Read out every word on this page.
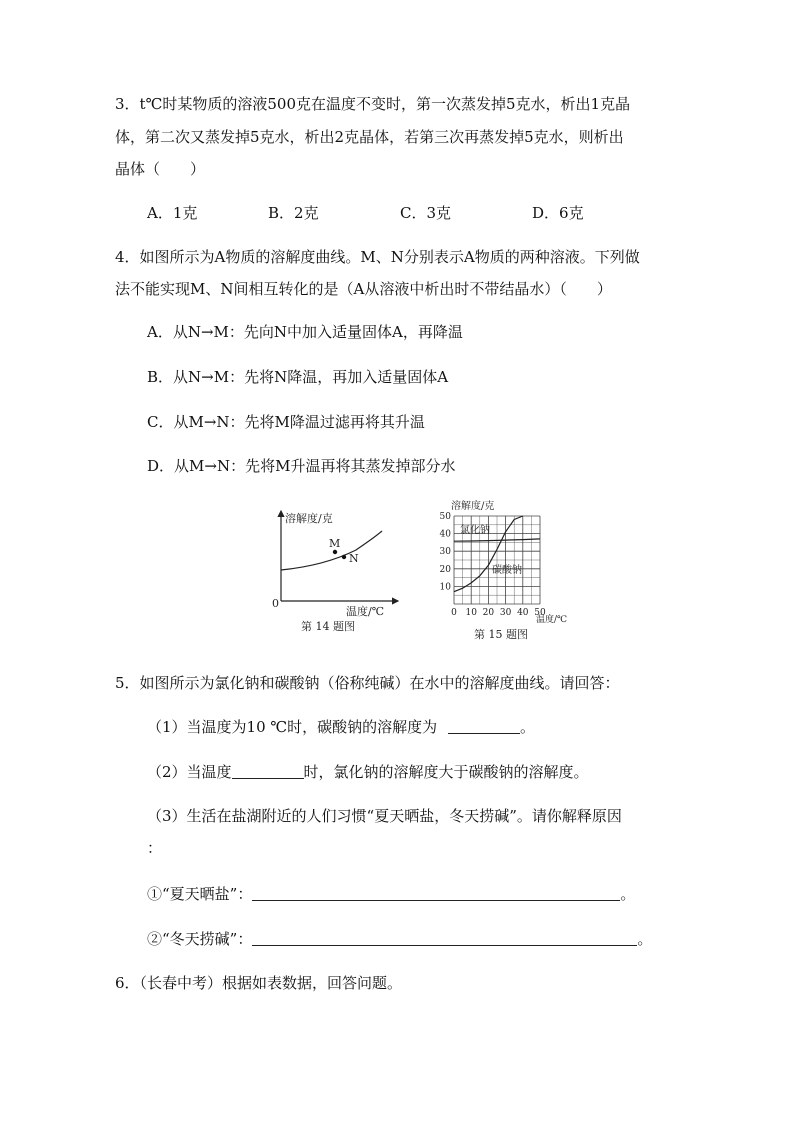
3．t℃时某物质的溶液500克在温度不变时，第一次蒸发掉5克水，析出1克晶
体，第二次又蒸发掉5克水，析出2克晶体，若第三次再蒸发掉5克水，则析出
晶体（　　）
A．1克	B．2克	C．3克	D．6克
4．如图所示为A物质的溶解度曲线。M、N分别表示A物质的两种溶液。下列做
法不能实现M、N间相互转化的是（A从溶液中析出时不带结晶水）（　　）
A．从N→M：先向N中加入适量固体A，再降温
B．从N→M：先将N降温，再加入适量固体A
C．从M→N：先将M降温过滤再将其升温
D．从M→N：先将M升温再将其蒸发掉部分水
溶解度/克
0
温度/℃
M
N
第 14 题图
溶解度/克
10
20
30
40
50
0 10 20 30 40 50
氯化钠
碳酸钠
温度/℃
第 15 题图
5．如图所示为氯化钠和碳酸钠（俗称纯碱）在水中的溶解度曲线。请回答：
（1）当温度为10 ℃时，碳酸钠的溶解度为	。
（2）当温度	时，氯化钠的溶解度大于碳酸钠的溶解度。
（3）生活在盐湖附近的人们习惯“夏天晒盐，冬天捞碱”。请你解释原因
：
①“夏天晒盐”：	。
②“冬天捞碱”：	。
6．（长春中考）根据如表数据，回答问题。
